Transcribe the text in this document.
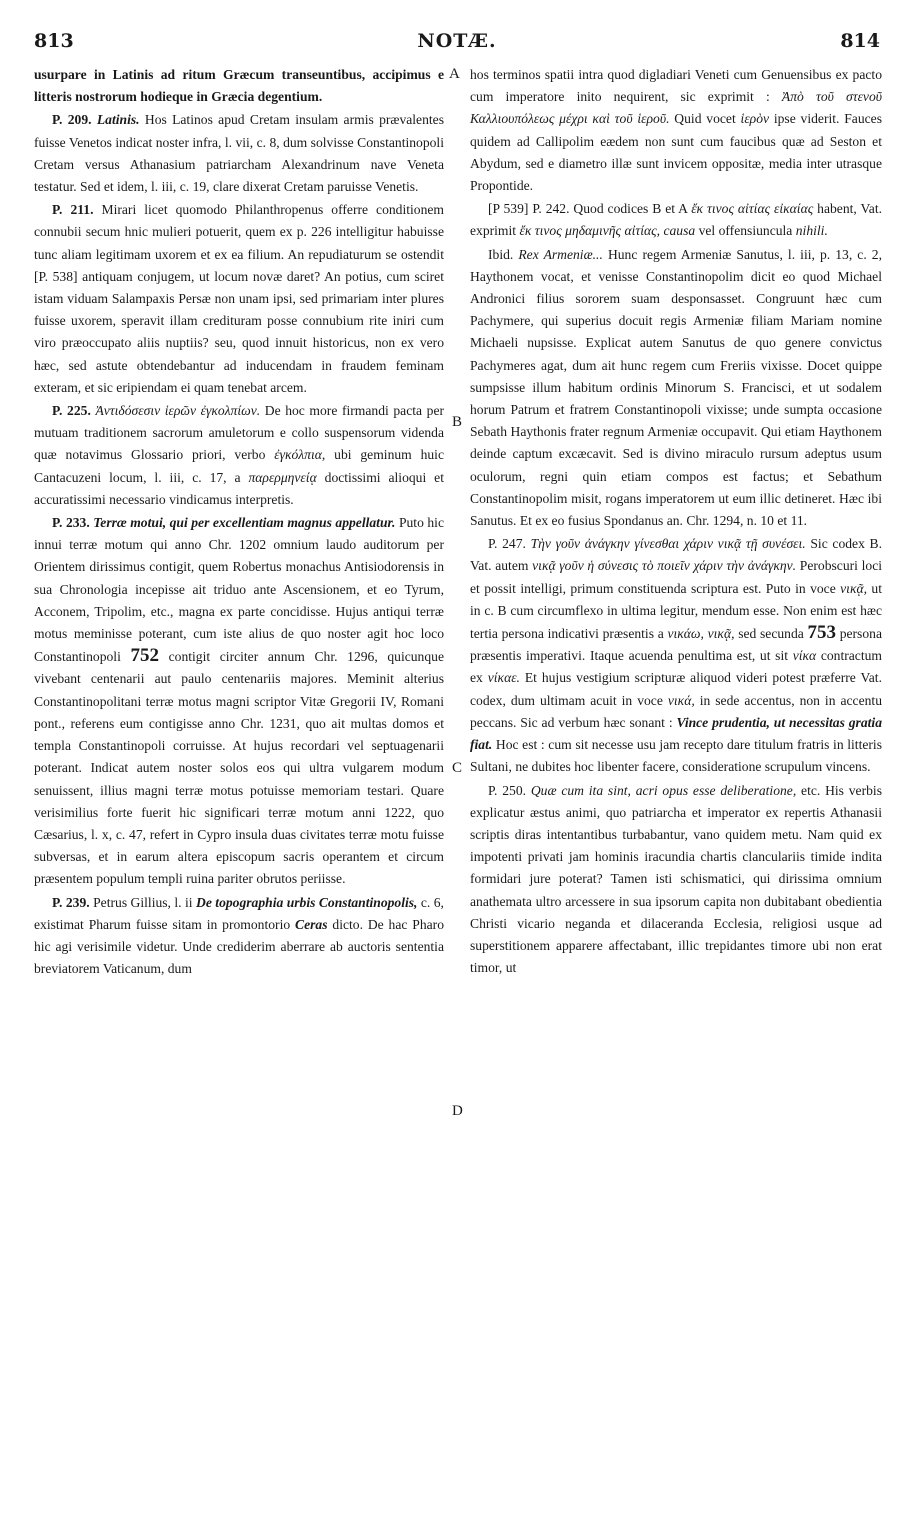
813	NOTÆ.	814
A
B
C
D

usurpare in Latinis ad ritum Græcum transeuntibus, accipimus e litteris nostrorum hodieque in Græcia degentium.

P. 209. Latinis. Hos Latinos apud Cretam insulam armis prævalentes fuisse Venetos indicat noster infra, l. vii, c. 8, dum solvisse Constantinopoli Cretam versus Athanasium patriarcham Alexandrinum nave Veneta testatur. Sed et idem, l. iii, c. 19, clare dixerat Cretam paruisse Venetis.

P. 211. Mirari licet quomodo Philanthropenus offerre conditionem connubii secum hnic mulieri potuerit, quem ex p. 226 intelligitur habuisse tunc aliam legitimam uxorem et ex ea filium. An repudiaturum se ostendit [P. 538] antiquam conjugem, ut locum novæ daret? An potius, cum sciret istam viduam Salampaxis Persæ non unam ipsi, sed primariam inter plures fuisse uxorem, speravit illam credituram posse connubium rite iniri cum viro præoccupato aliis nuptiis? seu, quod innuit historicus, non ex vero hæc, sed astute obtendebantur ad inducendam in fraudem feminam exteram, et sic eripiendam ei quam tenebat arcem.

P. 225. Ἀντιδόσεσιν ἱερῶν ἐγκολπίων. De hoc more firmandi pacta per mutuam traditionem sacrorum amuletorum e collo suspensorum videnda quæ notavimus Glossario priori, verbo ἐγκόλπια, ubi geminum huic Cantacuzeni locum, l. iii, c. 17, a παρερμηνείᾳ doctissimi alioqui et accuratissimi necessario vindicamus interpretis.

P. 233. Terræ motui, qui per excellentiam magnus appellatur. Puto hic innui terræ motum qui anno Chr. 1202 omnium laudo auditorum per Orientem dirissimus contigit, quem Robertus monachus Antisiodorensis in sua Chronologia incepisse ait triduo ante Ascensionem, et eo Tyrum, Acconem, Tripolim, etc., magna ex parte concidisse. Hujus antiqui terræ motus meminisse poterant, cum iste alius de quo noster agit hoc loco Constantinopoli 752 contigit circiter annum Chr. 1296, quicunque vivebant centenarii aut paulo centenariis majores. Meminit alterius Constantinopolitani terræ motus magni scriptor Vitæ Gregorii IV, Romani pont., referens eum contigisse anno Chr. 1231, quo ait multas domos et templa Constantinopoli corruisse. At hujus recordari vel septuagenarii poterant. Indicat autem noster solos eos qui ultra vulgarem modum senuissent, illius magni terræ motus potuisse memoriam testari. Quare verisimilius forte fuerit hic significari terræ motum anni 1222, quo Cæsarius, l. x, c. 47, refert in Cypro insula duas civitates terræ motu fuisse subversas, et in earum altera episcopum sacris operantem et circum præsentem populum templi ruina pariter obrutos periisse.

P. 239. Petrus Gillius, l. ii De topographia urbis Constantinopolis, c. 6, existimat Pharum fuisse sitam in promontorio Ceras dicto. De hac Pharo hic agi verisimile videtur. Unde crediderim aberrare ab auctoris sententia breviatorem Vaticanum, dum

hos terminos spatii intra quod digladiari Veneti cum Genuensibus ex pacto cum imperatore inito nequirent, sic exprimit : Ἀπὸ τοῦ στενοῦ Καλλιουπόλεως μέχρι καὶ τοῦ ἱεροῦ. Quid vocet ἱερὸν ipse viderit. Fauces quidem ad Callipolim eædem non sunt cum faucibus quæ ad Seston et Abydum, sed e diametro illæ sunt invicem oppositæ, media inter utrasque Propontide.

[P 539] P. 242. Quod codices B et A ἔκ τινος αἰτίας εἰκαίας habent, Vat. exprimit ἔκ τινος μηδαμινῆς αἰτίας, causa vel offensiuncula nihili.

Ibid. Rex Armeniæ... Hunc regem Armeniæ Sanutus, l. iii, p. 13, c. 2, Haythonem vocat, et venisse Constantinopolim dicit eo quod Michael Andronici filius sororem suam desponsasset. Congruunt hæc cum Pachymere, qui superius docuit regis Armeniæ filiam Mariam nomine Michaeli nupsisse. Explicat autem Sanutus de quo genere convictus Pachymeres agat, dum ait hunc regem cum Freriis vixisse. Docet quippe sumpsisse illum habitum ordinis Minorum S. Francisci, et ut sodalem horum Patrum et fratrem Constantinopoli vixisse; unde sumpta occasione Sebath Haythonis frater regnum Armeniæ occupavit. Qui etiam Haythonem deinde captum excæcavit. Sed is divino miraculo rursum adeptus usum oculorum, regni quin etiam compos est factus; et Sebathum Constantinopolim misit, rogans imperatorem ut eum illic detineret. Hæc ibi Sanutus. Et ex eo fusius Spondanus an. Chr. 1294, n. 10 et 11.

P. 247. Τὴν γοῦν ἀνάγκην γίνεσθαι χάριν νικᾷ τῇ συνέσει. Sic codex B. Vat. autem νικᾷ γοῦν ἡ σύνεσις τὸ ποιεῖν χάριν τὴν ἀνάγκην. Perobscuri loci et possit intelligi, primum constituenda scriptura est. Puto in voce νικᾷ, ut in c. B cum circumflexo in ultima legitur, mendum esse. Non enim est hæc tertia persona indicativi præsentis a νικάω, νικᾷ, sed secunda 753 persona præsentis imperativi. Itaque acuenda penultima est, ut sit νίκα contractum ex νίκαε. Et hujus vestigium scripturæ aliquod videri potest præferre Vat. codex, dum ultimam acuit in voce νικά, in sede accentus, non in accentu peccans. Sic ad verbum hæc sonant : Vince prudentia, ut necessitas gratia fiat. Hoc est : cum sit necesse usu jam recepto dare titulum fratris in litteris Sultani, ne dubites hoc libenter facere, consideratione scrupulum vincens.

P. 250. Quæ cum ita sint, acri opus esse deliberatione, etc. His verbis explicatur æstus animi, quo patriarcha et imperator ex repertis Athanasii scriptis diras intentantibus turbabantur, vano quidem metu. Nam quid ex impotenti privati jam hominis iracundia chartis clanculariis timide indita formidari jure poterat? Tamen isti schismatici, qui dirissima omnium anathemata ultro arcessere in sua ipsorum capita non dubitabant obedientia Christi vicario neganda et dilaceranda Ecclesia, religiosi usque ad superstitionem apparere affectabant, illic trepidantes timore ubi non erat timor, ut
